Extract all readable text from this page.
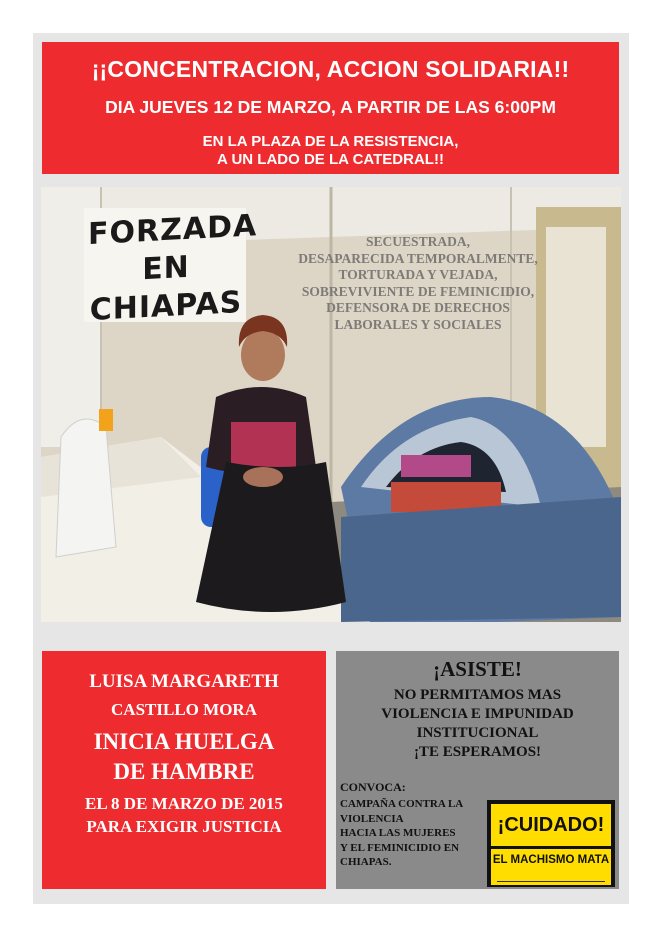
¡¡CONCENTRACION, ACCION SOLIDARIA!!
DIA JUEVES 12 DE MARZO, A PARTIR DE LAS 6:00PM
EN LA PLAZA DE LA RESISTENCIA,
A UN LADO DE LA CATEDRAL!!
FORZADA
EN
CHIAPAS
SECUESTRADA,
DESAPARECIDA TEMPORALMENTE,
TORTURADA Y VEJADA,
SOBREVIVIENTE DE FEMINICIDIO,
DEFENSORA DE DERECHOS
LABORALES Y SOCIALES
LUISA MARGARETH
CASTILLO MORA
INICIA HUELGA
DE HAMBRE
EL 8 DE MARZO DE 2015
PARA EXIGIR JUSTICIA
¡ASISTE!
NO PERMITAMOS MAS
VIOLENCIA E IMPUNIDAD
INSTITUCIONAL
¡TE ESPERAMOS!
CONVOCA:
CAMPAÑA CONTRA LA
VIOLENCIA
HACIA LAS MUJERES
Y EL FEMINICIDIO EN
CHIAPAS.
¡CUIDADO!
EL MACHISMO MATA
